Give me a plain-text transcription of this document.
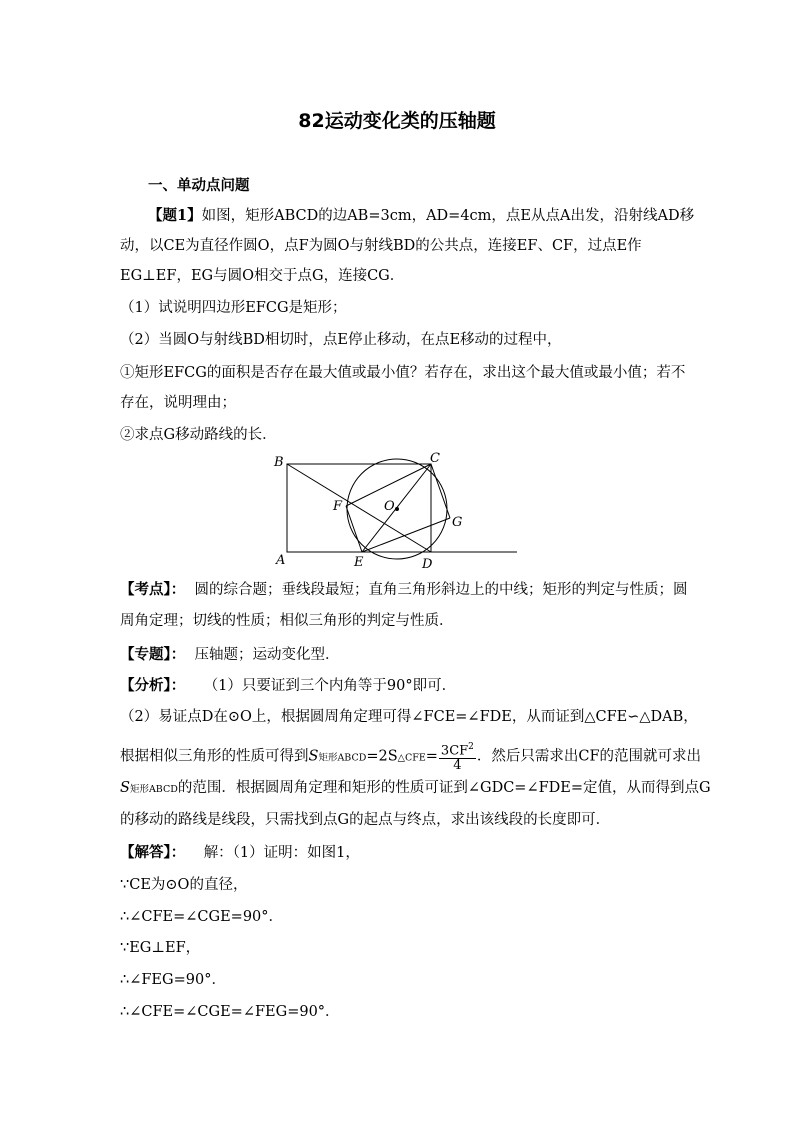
82运动变化类的压轴题
一、单动点问题
【题1】如图，矩形ABCD的边AB=3cm，AD=4cm，点E从点A出发，沿射线AD移
动，以CE为直径作圆O，点F为圆O与射线BD的公共点，连接EF、CF，过点E作
EG⊥EF，EG与圆O相交于点G，连接CG．
（1）试说明四边形EFCG是矩形；
（2）当圆O与射线BD相切时，点E停止移动，在点E移动的过程中，
①矩形EFCG的面积是否存在最大值或最小值？若存在，求出这个最大值或最小值；若不
存在，说明理由；
②求点G移动路线的长．
B
A
C
D
E
F
G
O
【考点】： 圆的综合题；垂线段最短；直角三角形斜边上的中线；矩形的判定与性质；圆
周角定理；切线的性质；相似三角形的判定与性质．
【专题】： 压轴题；运动变化型．
【分析】： （1）只要证到三个内角等于90°即可．
（2）易证点D在⊙O上，根据圆周角定理可得∠FCE=∠FDE，从而证到△CFE∽△DAB，
根据相似三角形的性质可得到S矩形ABCD=2S△CFE= $\frac{3CF^2}{4}$ ．然后只需求出CF的范围就可求出
S矩形ABCD的范围．根据圆周角定理和矩形的性质可证到∠GDC=∠FDE=定值，从而得到点G
的移动的路线是线段，只需找到点G的起点与终点，求出该线段的长度即可．
【解答】： 解：（1）证明：如图1，
∵CE为⊙O的直径，
∴∠CFE=∠CGE=90°．
∵EG⊥EF，
∴∠FEG=90°．
∴∠CFE=∠CGE=∠FEG=90°．
